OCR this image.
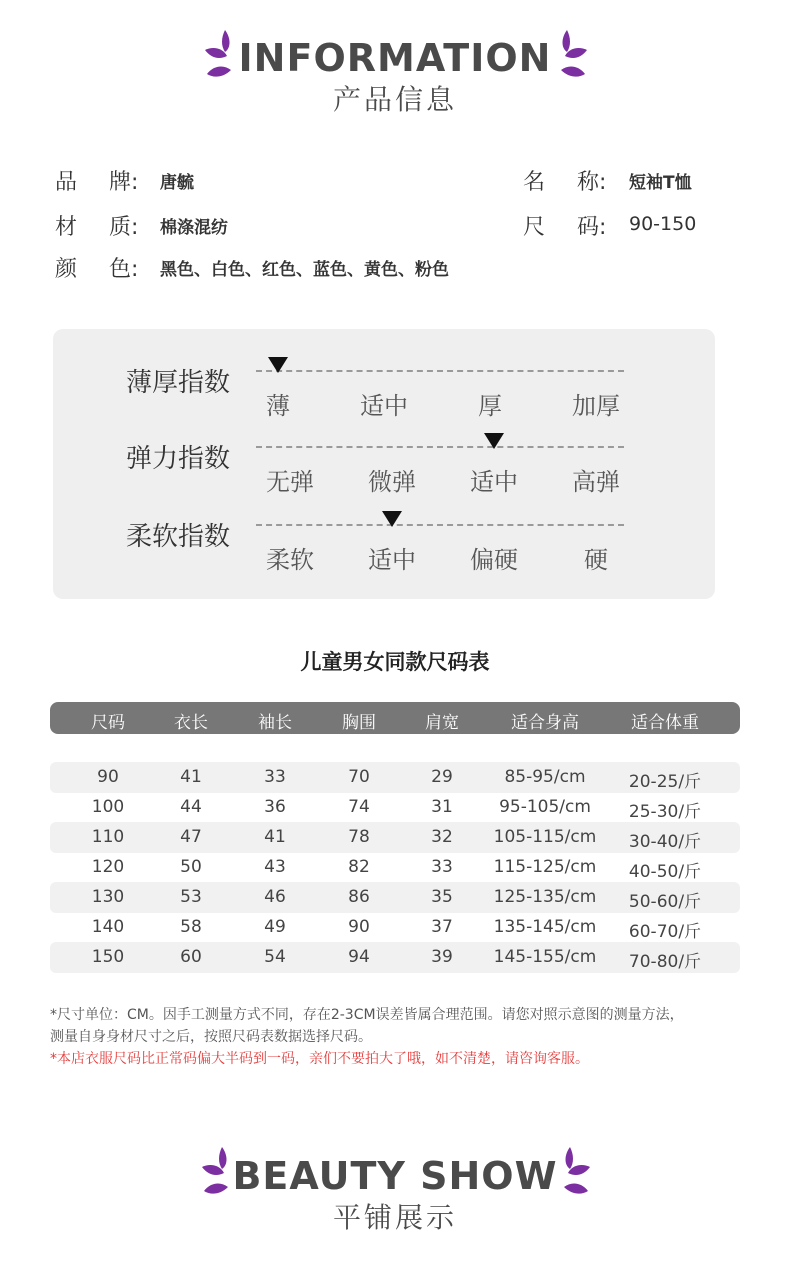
INFORMATION
产品信息
品 牌: 唐毓	名 称: 短袖T恤
材 质: 棉涤混纺	尺 码: 90-150
颜 色: 黑色、白色、红色、蓝色、黄色、粉色
薄厚指数
薄	适中	厚	加厚
弹力指数
无弹	微弹	适中	高弹
柔软指数
柔软	适中	偏硬	硬
儿童男女同款尺码表
尺码	衣长	袖长	胸围	肩宽	适合身高	适合体重
90	41	33	70	29	85-95/cm	20-25/斤
100	44	36	74	31	95-105/cm	25-30/斤
110	47	41	78	32	105-115/cm	30-40/斤
120	50	43	82	33	115-125/cm	40-50/斤
130	53	46	86	35	125-135/cm	50-60/斤
140	58	49	90	37	135-145/cm	60-70/斤
150	60	54	94	39	145-155/cm	70-80/斤
*尺寸单位：CM。因手工测量方式不同，存在2-3CM误差皆属合理范围。请您对照示意图的测量方法，
测量自身身材尺寸之后，按照尺码表数据选择尺码。
*本店衣服尺码比正常码偏大半码到一码，亲们不要拍大了哦，如不清楚，请咨询客服。
BEAUTY SHOW
平铺展示
